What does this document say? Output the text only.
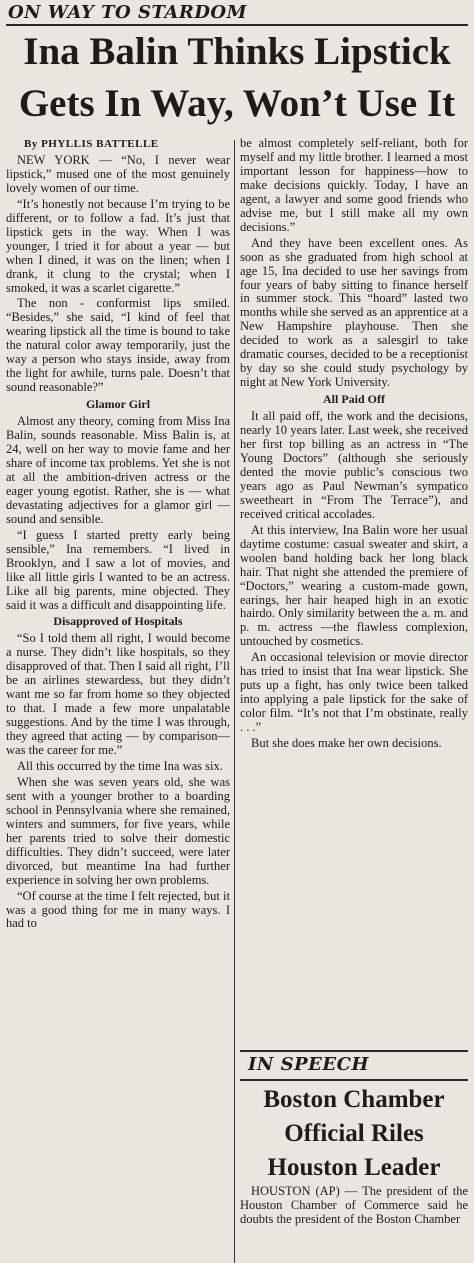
ON WAY TO STARDOM
Ina Balin Thinks Lipstick
Gets In Way, Won’t Use It

By PHYLLIS BATTELLE

NEW YORK — “No, I never wear lipstick,” mused one of the most genuinely lovely women of our time.

“It’s honestly not because I’m trying to be different, or to follow a fad. It’s just that lipstick gets in the way. When I was younger, I tried it for about a year — but when I dined, it was on the linen; when I drank, it clung to the crystal; when I smoked, it was a scarlet cigarette.”

The non - conformist lips smiled. “Besides,” she said, “I kind of feel that wearing lipstick all the time is bound to take the natural color away temporarily, just the way a person who stays inside, away from the light for awhile, turns pale. Doesn’t that sound reasonable?”

Glamor Girl

Almost any theory, coming from Miss Ina Balin, sounds reasonable. Miss Balin is, at 24, well on her way to movie fame and her share of income tax problems. Yet she is not at all the ambition-driven actress or the eager young egotist. Rather, she is — what devastating adjectives for a glamor girl — sound and sensible.

“I guess I started pretty early being sensible,” Ina remembers. “I lived in Brooklyn, and I saw a lot of movies, and like all little girls I wanted to be an actress. Like all big parents, mine objected. They said it was a difficult and disappointing life.

Disapproved of Hospitals

“So I told them all right, I would become a nurse. They didn’t like hospitals, so they disapproved of that. Then I said all right, I’ll be an airlines stewardess, but they didn’t want me so far from home so they objected to that. I made a few more unpalatable suggestions. And by the time I was through, they agreed that acting — by comparison— was the career for me.”

All this occurred by the time Ina was six.

When she was seven years old, she was sent with a younger brother to a boarding school in Pennsylvania where she remained, winters and summers, for five years, while her parents tried to solve their domestic difficulties. They didn’t succeed, were later divorced, but meantime Ina had further experience in solving her own problems.

“Of course at the time I felt rejected, but it was a good thing for me in many ways. I had to

be almost completely self-reliant, both for myself and my little brother. I learned a most important lesson for happiness—how to make decisions quickly. Today, I have an agent, a lawyer and some good friends who advise me, but I still make all my own decisions.”

And they have been excellent ones. As soon as she graduated from high school at age 15, Ina decided to use her savings from four years of baby sitting to finance herself in summer stock. This “hoard” lasted two months while she served as an apprentice at a New Hampshire playhouse. Then she decided to work as a salesgirl to take dramatic courses, decided to be a receptionist by day so she could study psychology by night at New York University.

All Paid Off

It all paid off, the work and the decisions, nearly 10 years later. Last week, she received her first top billing as an actress in “The Young Doctors” (although she seriously dented the movie public’s conscious two years ago as Paul Newman’s sympatico sweetheart in “From The Terrace”), and received critical accolades.

At this interview, Ina Balin wore her usual daytime costume: casual sweater and skirt, a woolen band holding back her long black hair. That night she attended the premiere of “Doctors,” wearing a custom-made gown, earings, her hair heaped high in an exotic hairdo. Only similarity between the a. m. and p. m. actress —the flawless complexion, untouched by cosmetics.

An occasional television or movie director has tried to insist that Ina wear lipstick. She puts up a fight, has only twice been talked into applying a pale lipstick for the sake of color film. “It’s not that I’m obstinate, really . . .”

But she does make her own decisions.

IN SPEECH
Boston Chamber
Official Riles
Houston Leader

HOUSTON (AP) — The president of the Houston Chamber of Commerce said he doubts the president of the Boston Chamber
